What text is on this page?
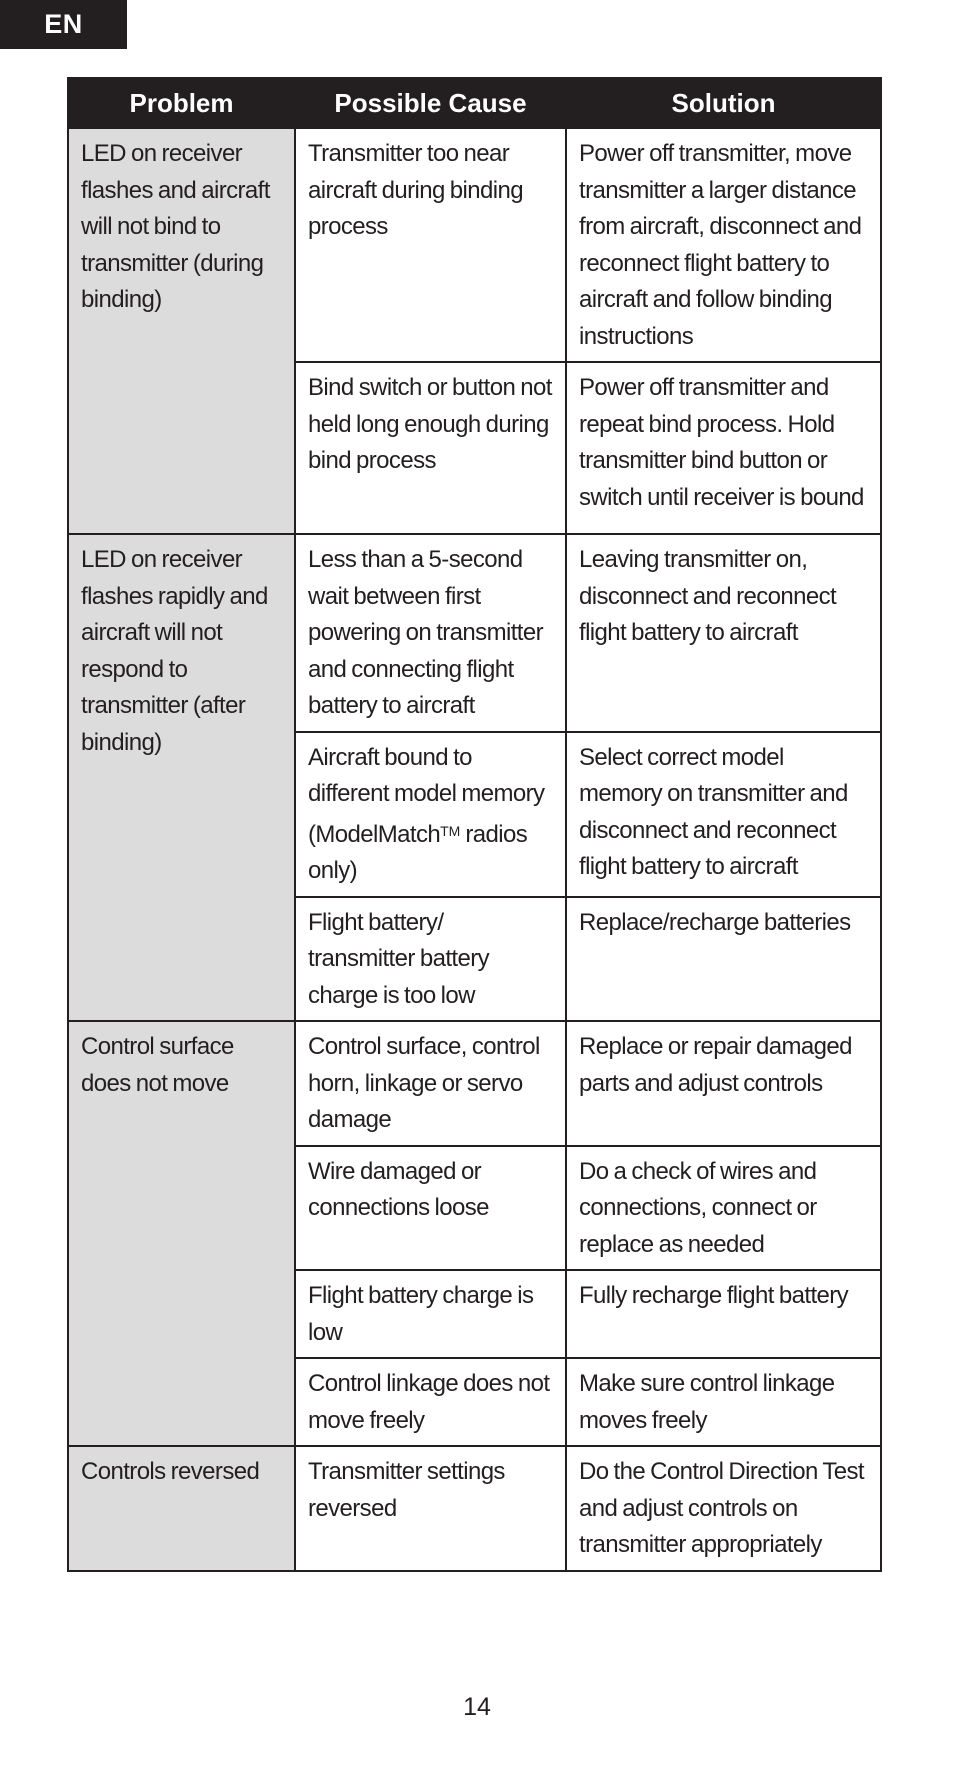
EN
Problem	Possible Cause	Solution
LED on receiver flashes and aircraft will not bind to transmitter (during binding)	Transmitter too near aircraft during binding process	Power off transmitter, move transmitter a larger distance from aircraft, disconnect and reconnect flight battery to aircraft and follow binding instructions
	Bind switch or button not held long enough during bind process	Power off transmitter and repeat bind process. Hold transmitter bind button or switch until receiver is bound
LED on receiver flashes rapidly and aircraft will not respond to transmitter (after binding)	Less than a 5-second wait between first powering on transmitter and connecting flight battery to aircraft	Leaving transmitter on, disconnect and reconnect flight battery to aircraft
	Aircraft bound to different model memory (ModelMatch™ radios only)	Select correct model memory on transmitter and disconnect and reconnect flight battery to aircraft
	Flight battery/ transmitter battery charge is too low	Replace/recharge batteries
Control surface does not move	Control surface, control horn, linkage or servo damage	Replace or repair damaged parts and adjust controls
	Wire damaged or connections loose	Do a check of wires and connections, connect or replace as needed
	Flight battery charge is low	Fully recharge flight battery
	Control linkage does not move freely	Make sure control linkage moves freely
Controls reversed	Transmitter settings reversed	Do the Control Direction Test and adjust controls on transmitter appropriately
14
